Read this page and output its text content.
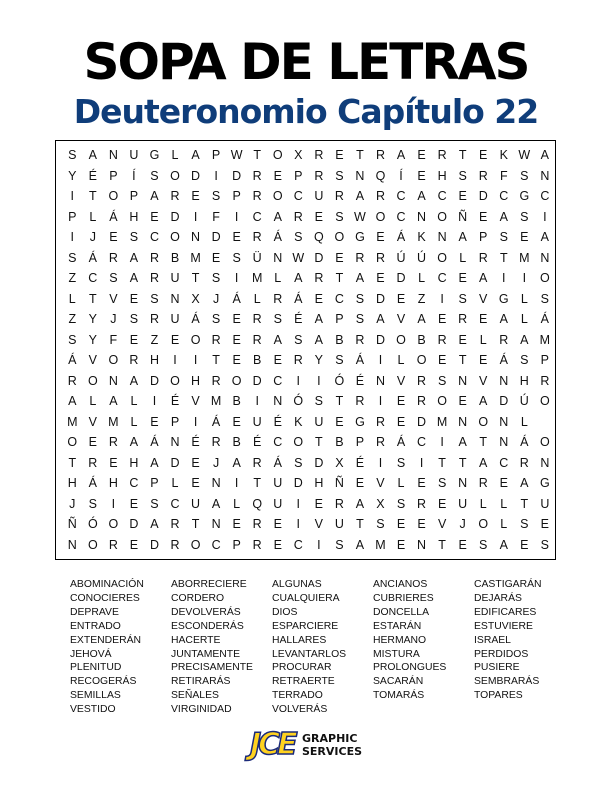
SOPA DE LETRAS
Deuteronomio Capítulo 22
S A N U G L	A P W T O X R E	T R A E R T	E K W A
Y É P	Í	S O D	I	D R E P R S N Q	Í	E H S R F	S N
I	T O P A R E S P R O C U R A R C A C E D C G C
P	L	Á H E D	I	F	I	C A R E S W O C N O Ñ E A S	I
I	J	E S C O N D E R Á S Q O G E Á K N A P S E A
S Á R A R B M E S Ü N W D E R R Ú Ú O L	R T M N
Z C S A R U T	S	I	M L	A R T	A E D	L	C E A	I	I	O
L	T	V E S N X	J	Á	L	R Á E C S D E	Z	I	S V G L	S
Z	Y	J	S R U Á S E R S É A P S A V A E R E A	L	Á
S Y	F	E	Z	E O R E R A S A B R D O B R E	L	R A M
Á V O R H	I	I	T	E B E R Y S Á	I	L O E	T	E Á S P
R O N A D O H R O D C	I	I	Ó É N V R S N V N H R
A	L	A	L	I	É V M B	I	N Ó S	T R	I	E R O E A D Ú O
M V M L	E P	I	Á E U É K U E G R E D M N O N	L
O E R A Á N É R B É C O T	B P R Á C	I	A	T N Á O
T R E H A D E	J	A R Á S D X É	I	S	I	T	T	A C R N
H Á H C P	L	E N	I	T U D H Ñ E V	L	E S N R E A G
J	S	I	E S C U A	L Q U	I	E R A X S R E U	L	L	T U
Ñ Ó O D A R T N E R E	I	V U T	S E E V	J	O L	S E
N O R E D R O C P R E C	I	S A M E N T	E S A E S
ABOMINACIÓN
CONOCIERES
DEPRAVE
ENTRADO
EXTENDERÁN
JEHOVÁ
PLENITUD
RECOGERÁS
SEMILLAS
VESTIDO
ABORRECIERE
CORDERO
DEVOLVERÁS
ESCONDERÁS
HACERTE
JUNTAMENTE
PRECISAMENTE
RETIRARÁS
SEÑALES
VIRGINIDAD
ALGUNAS
CUALQUIERA
DIOS
ESPARCIERE
HALLARES
LEVANTARLOS
PROCURAR
RETRAERTE
TERRADO
VOLVERÁS
ANCIANOS
CUBRIERES
DONCELLA
ESTARÁN
HERMANO
MISTURA
PROLONGUES
SACARÁN
TOMARÁS
CASTIGARÁN
DEJARÁS
EDIFICARES
ESTUVIERE
ISRAEL
PERDIDOS
PUSIERE
SEMBRARÁS
TOPARES
JCE GRAPHIC
SERVICES
